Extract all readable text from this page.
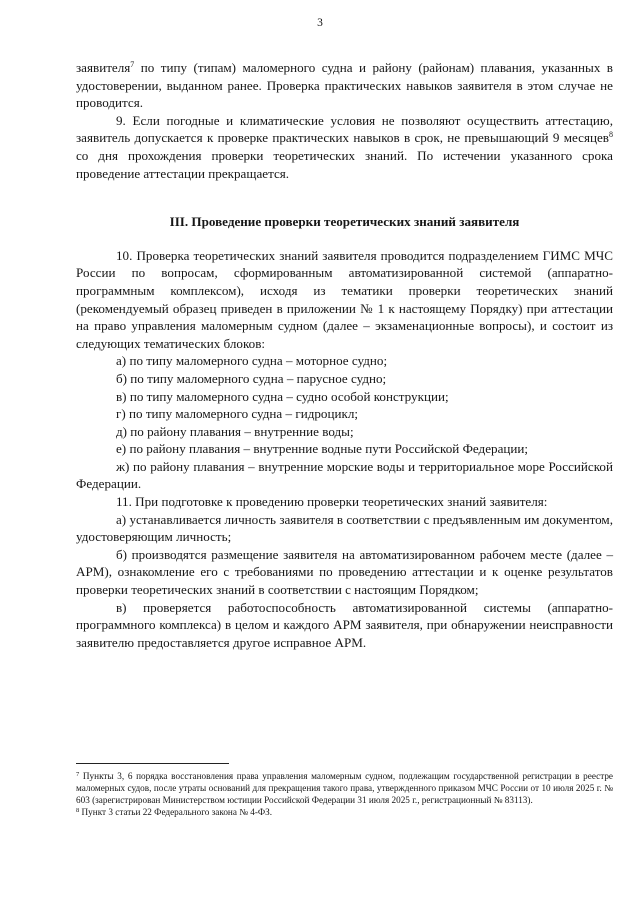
3

заявителя$^7$ по типу (типам) маломерного судна и району (районам) плавания, указанных в удостоверении, выданном ранее. Проверка практических навыков заявителя в этом случае не проводится.

9. Если погодные и климатические условия не позволяют осуществить аттестацию, заявитель допускается к проверке практических навыков в срок, не превышающий 9 месяцев$^8$ со дня прохождения проверки теоретических знаний. По истечении указанного срока проведение аттестации прекращается.

III. Проведение проверки теоретических знаний заявителя

10. Проверка теоретических знаний заявителя проводится подразделением ГИМС МЧС России по вопросам, сформированным автоматизированной системой (аппаратно-программным комплексом), исходя из тематики проверки теоретических знаний (рекомендуемый образец приведен в приложении № 1 к настоящему Порядку) при аттестации на право управления маломерным судном (далее – экзаменационные вопросы), и состоит из следующих тематических блоков:

а) по типу маломерного судна – моторное судно;

б) по типу маломерного судна – парусное судно;

в) по типу маломерного судна – судно особой конструкции;

г) по типу маломерного судна – гидроцикл;

д) по району плавания – внутренние воды;

е) по району плавания – внутренние водные пути Российской Федерации;

ж) по району плавания – внутренние морские воды и территориальное море Российской Федерации.

11. При подготовке к проведению проверки теоретических знаний заявителя:

а) устанавливается личность заявителя в соответствии с предъявленным им документом, удостоверяющим личность;

б) производятся размещение заявителя на автоматизированном рабочем месте (далее – АРМ), ознакомление его с требованиями по проведению аттестации и к оценке результатов проверки теоретических знаний в соответствии с настоящим Порядком;

в) проверяется работоспособность автоматизированной системы (аппаратно-программного комплекса) в целом и каждого АРМ заявителя, при обнаружении неисправности заявителю предоставляется другое исправное АРМ.

$^7$ Пункты 3, 6 порядка восстановления права управления маломерным судном, подлежащим государственной регистрации в реестре маломерных судов, после утраты оснований для прекращения такого права, утвержденного приказом МЧС России от 10 июля 2025 г. № 603 (зарегистрирован Министерством юстиции Российской Федерации 31 июля 2025 г., регистрационный № 83113).

$^8$ Пункт 3 статьи 22 Федерального закона № 4-ФЗ.
